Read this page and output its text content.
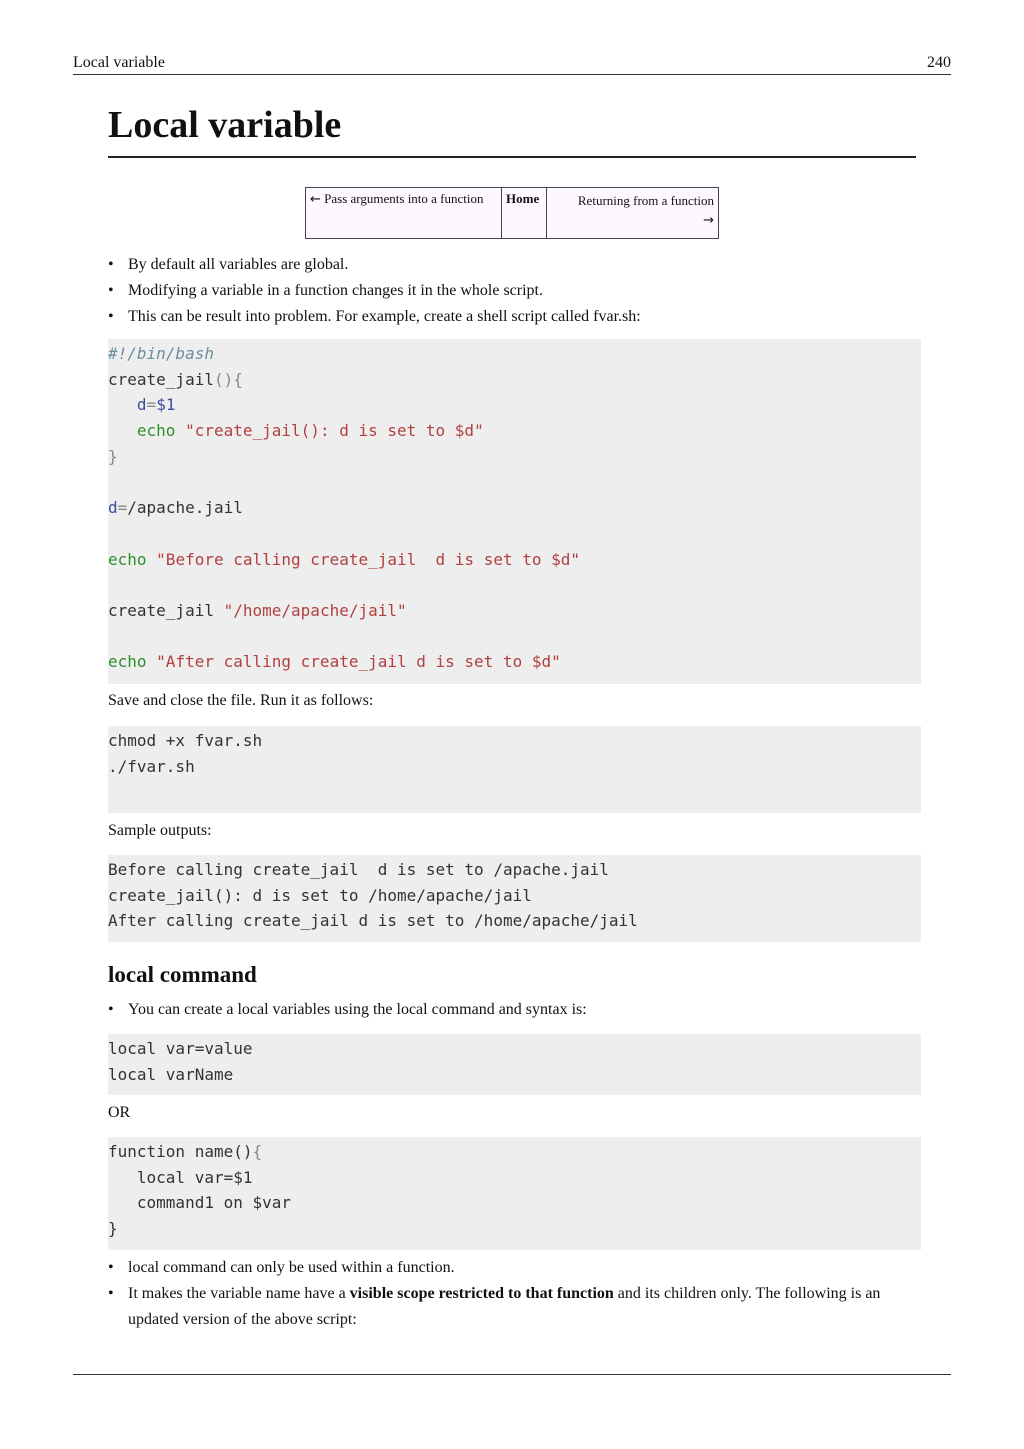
Local variable	240
Local variable
← Pass arguments into a function	Home	Returning from a function
→
• By default all variables are global.
• Modifying a variable in a function changes it in the whole script.
• This can be result into problem. For example, create a shell script called fvar.sh:
#!/bin/bash
create_jail(){
d=$1
echo "create_jail(): d is set to $d"
}

d=/apache.jail

echo "Before calling create_jail  d is set to $d"

create_jail "/home/apache/jail"

echo "After calling create_jail d is set to $d"

Save and close the file. Run it as follows:

chmod +x fvar.sh
./fvar.sh

Sample outputs:

Before calling create_jail  d is set to /apache.jail
create_jail(): d is set to /home/apache/jail
After calling create_jail d is set to /home/apache/jail
local command
• You can create a local variables using the local command and syntax is:
local var=value
local varName

OR

function name(){
local var=$1
command1 on $var
}
• local command can only be used within a function.
• It makes the variable name have a visible scope restricted to that function and its children only. The following is an updated version of the above script:
